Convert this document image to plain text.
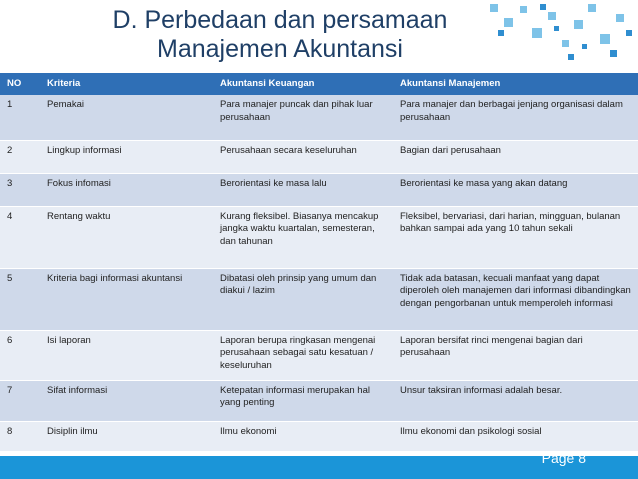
D. Perbedaan dan persamaan
Manajemen Akuntansi
NO	Kriteria	Akuntansi Keuangan	Akuntansi Manajemen
1	Pemakai	Para manajer puncak dan pihak luar perusahaan	Para manajer dan berbagai jenjang organisasi dalam perusahaan
2	Lingkup informasi	Perusahaan secara keseluruhan	Bagian dari perusahaan
3	Fokus infomasi	Berorientasi ke masa lalu	Berorientasi ke masa yang akan datang
4	Rentang waktu	Kurang fleksibel. Biasanya mencakup jangka waktu kuartalan, semesteran, dan tahunan	Fleksibel, bervariasi, dari harian, mingguan, bulanan bahkan sampai ada yang 10 tahun sekali
5	Kriteria bagi informasi akuntansi	Dibatasi oleh prinsip yang umum dan diakui / lazim	Tidak ada batasan, kecuali manfaat yang dapat diperoleh oleh manajemen dari informasi dibandingkan dengan pengorbanan untuk memperoleh informasi
6	Isi laporan	Laporan berupa ringkasan mengenai perusahaan sebagai satu kesatuan / keseluruhan	Laporan bersifat rinci mengenai bagian dari perusahaan
7	Sifat informasi	Ketepatan informasi merupakan hal yang penting	Unsur taksiran informasi adalah besar.
8	Disiplin ilmu	Ilmu ekonomi	Ilmu ekonomi dan psikologi sosial
Page 8
